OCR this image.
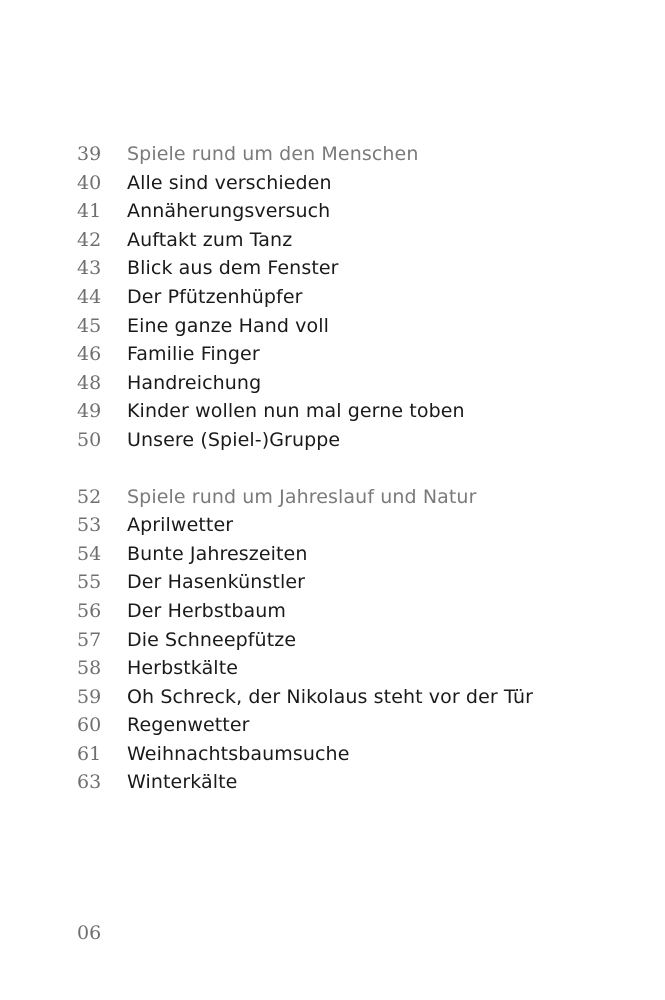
39	Spiele rund um den Menschen
40	Alle sind verschieden
41	Annäherungsversuch
42	Auftakt zum Tanz
43	Blick aus dem Fenster
44	Der Pfützenhüpfer
45	Eine ganze Hand voll
46	Familie Finger
48	Handreichung
49	Kinder wollen nun mal gerne toben
50	Unsere (Spiel-)Gruppe
52	Spiele rund um Jahreslauf und Natur
53	Aprilwetter
54	Bunte Jahreszeiten
55	Der Hasenkünstler
56	Der Herbstbaum
57	Die Schneepfütze
58	Herbstkälte
59	Oh Schreck, der Nikolaus steht vor der Tür
60	Regenwetter
61	Weihnachtsbaumsuche
63	Winterkälte
06
